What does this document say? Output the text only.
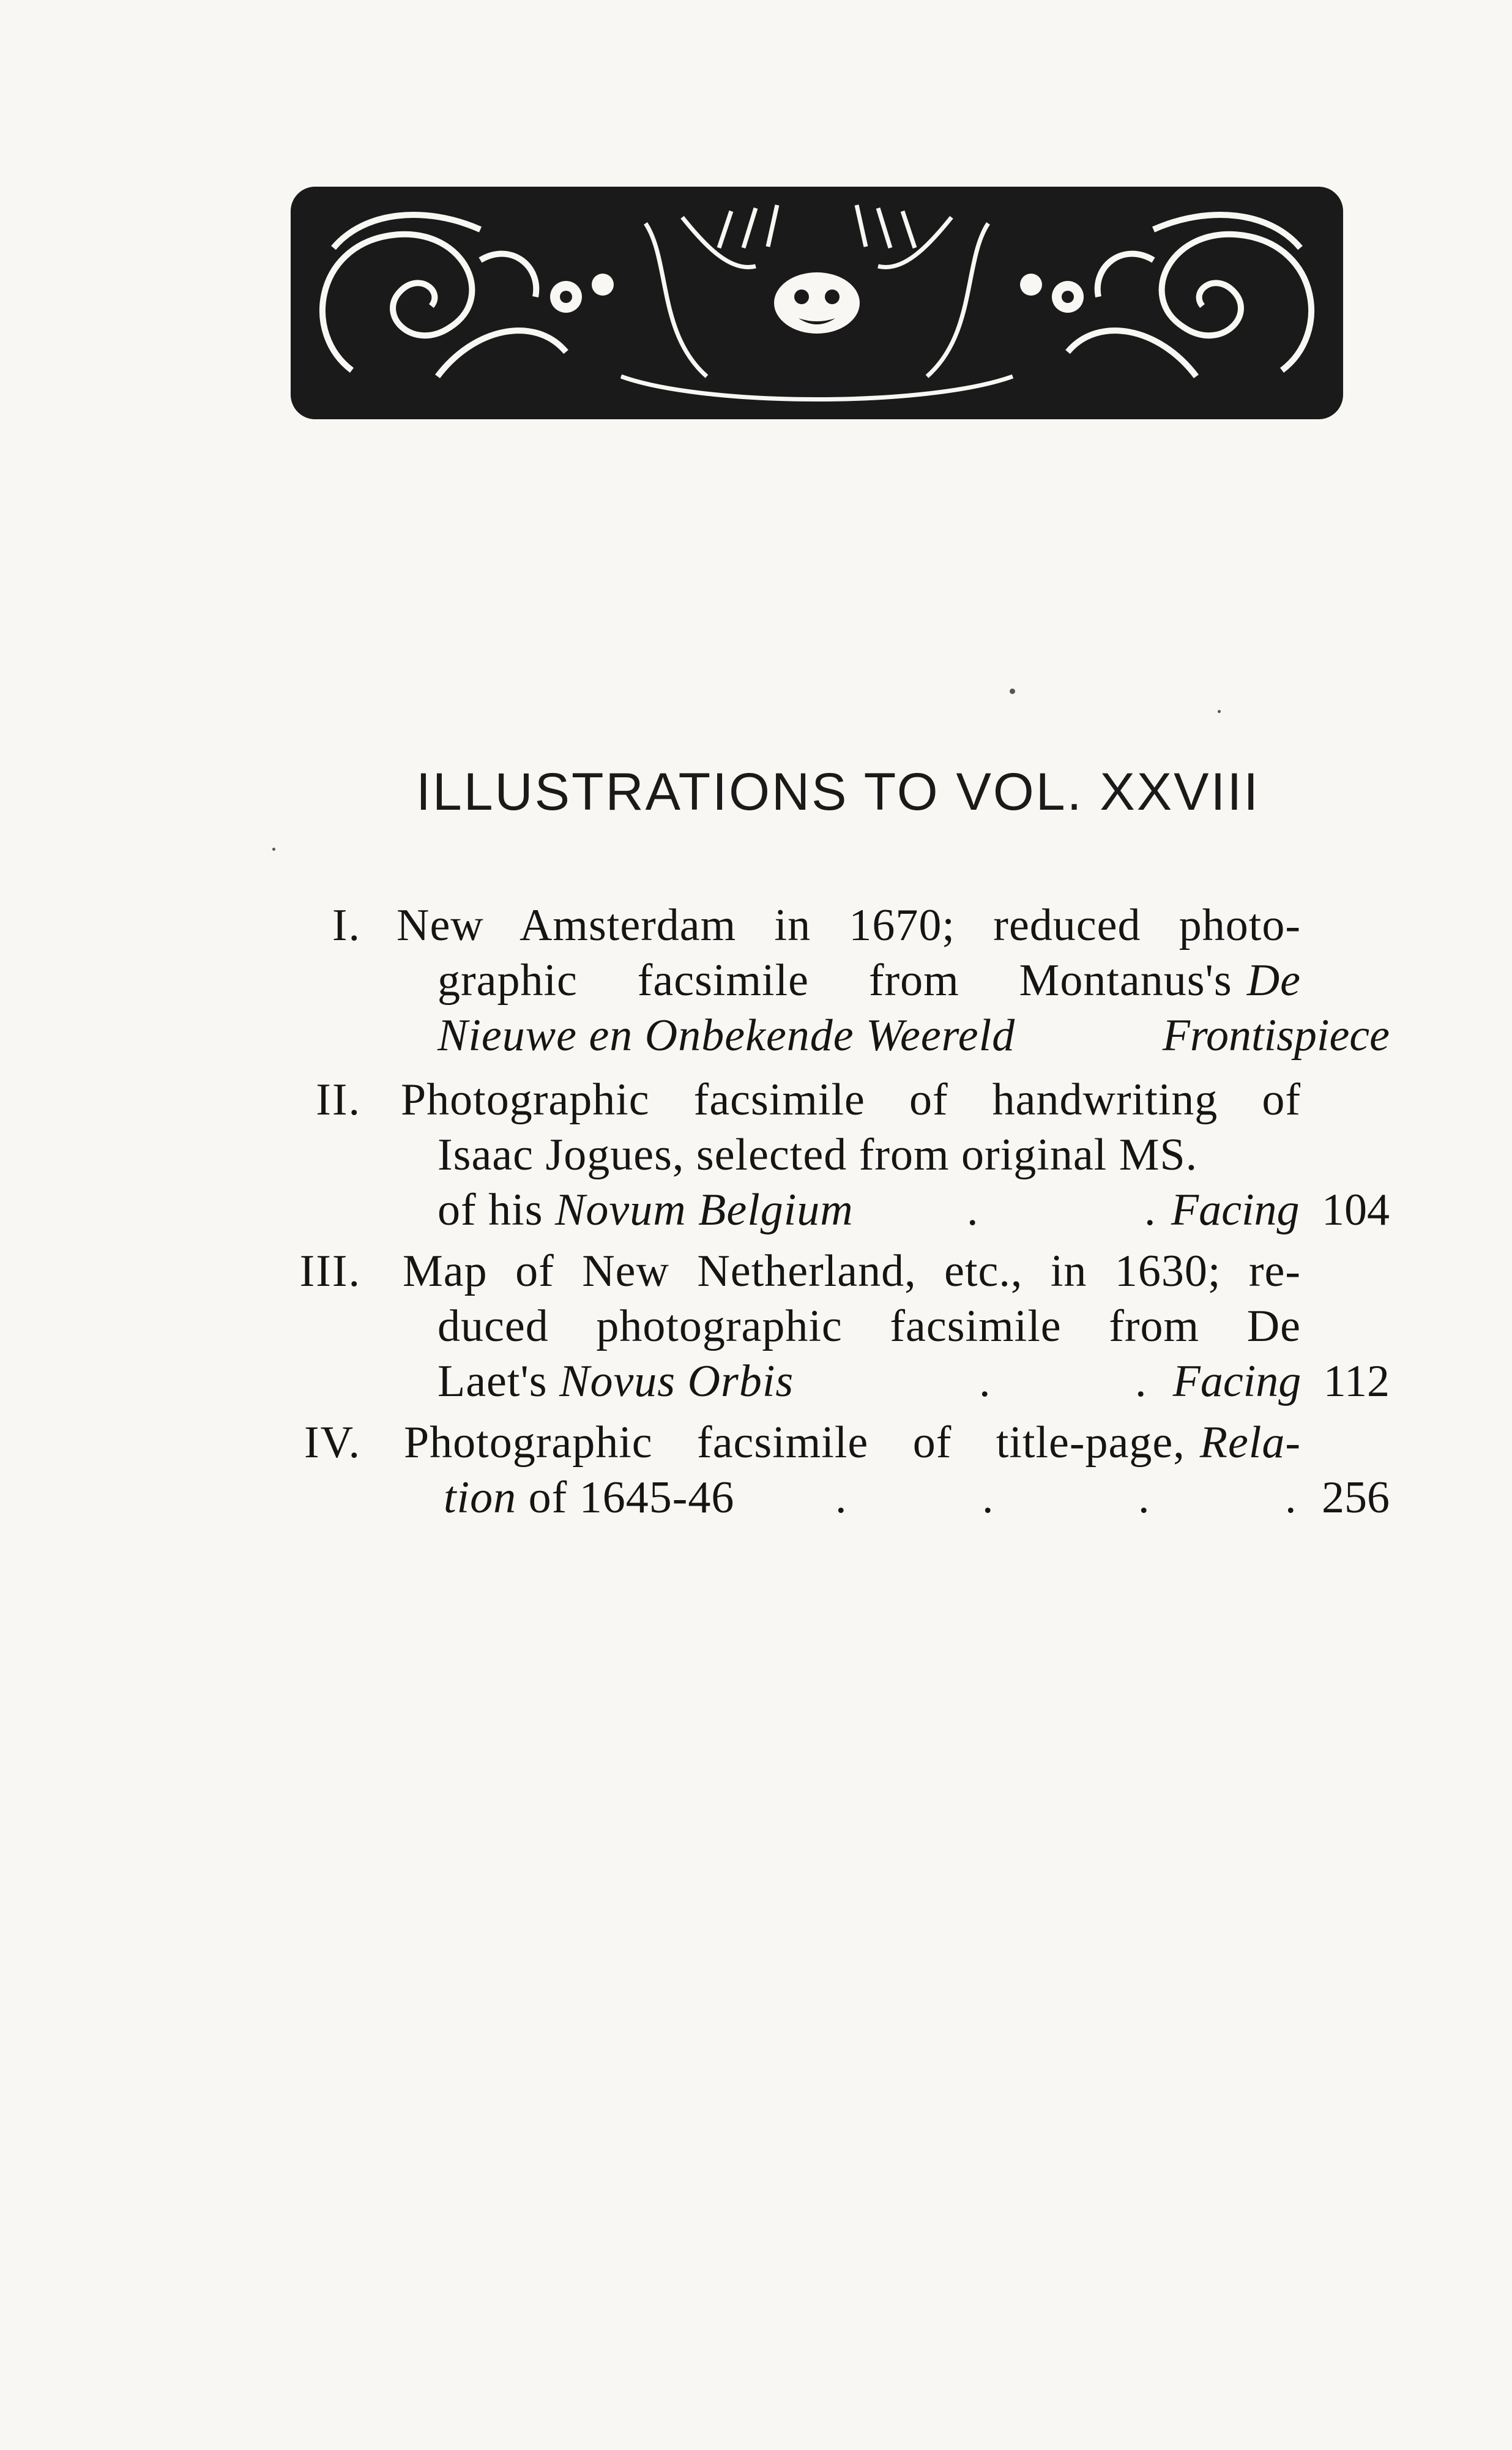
ILLUSTRATIONS TO VOL. XXVIII
I. New Amsterdam in 1670; reduced photo-
graphic facsimile from Montanus's De
Nieuwe en Onbekende Weereld	Frontispiece
II. Photographic facsimile of handwriting of
Isaac Jogues, selected from original MS.
of his Novum Belgium	.	. Facing 104
III. Map of New Netherland, etc., in 1630; re-
duced photographic facsimile from De
Laet's Novus Orbis	.	. Facing 112
IV. Photographic facsimile of title-page, Rela-
tion of 1645-46 .	.	.	. 256
